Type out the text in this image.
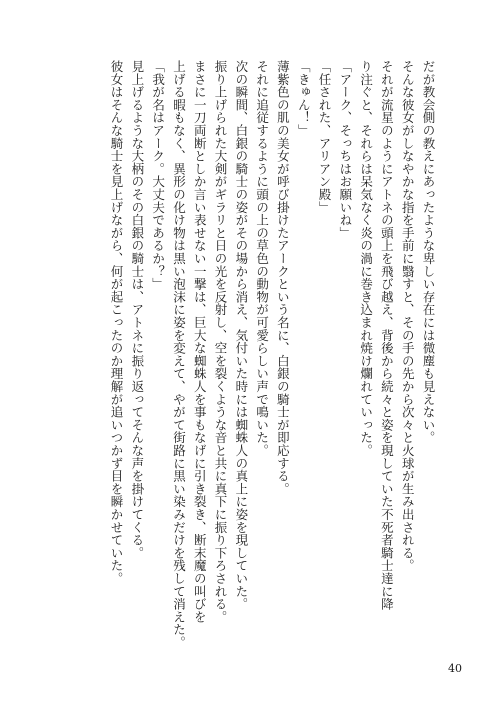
だが教会側の教えにあったような卑しい存在には微塵も見えない。
そんな彼女がしなやかな指を手前に翳すと、その手の先から次々と火球が生み出される。
それが流星のようにアトネの頭上を飛び越え、背後から続々と姿を現していた不死者騎士達に降
り注ぐと、それらは呆気なく炎の渦に巻き込まれ焼け爛れていった。
「アーク、そっちはお願いね」
「任された、アリアン殿」
「きゅん！」
薄紫色の肌の美女が呼び掛けたアークという名に、白銀の騎士が即応する。
それに追従するように頭の上の草色の動物が可愛らしい声で鳴いた。
次の瞬間、白銀の騎士の姿がその場から消え、気付いた時には蜘蛛人の真上に姿を現していた。
振り上げられた大剣がギラリと日の光を反射し、空を裂くような音と共に真下に振り下ろされる。
まさに一刀両断としか言い表せない一撃は、巨大な蜘蛛人を事もなげに引き裂き、断末魔の叫びを
上げる暇もなく、異形の化け物は黒い泡沫に姿を変えて、やがて街路に黒い染みだけを残して消えた。
「我が名はアーク。大丈夫であるか？」
見上げるような大柄のその白銀の騎士は、アトネに振り返ってそんな声を掛けてくる。
彼女はそんな騎士を見上げながら、何が起こったのか理解が追いつかず目を瞬かせていた。
40
